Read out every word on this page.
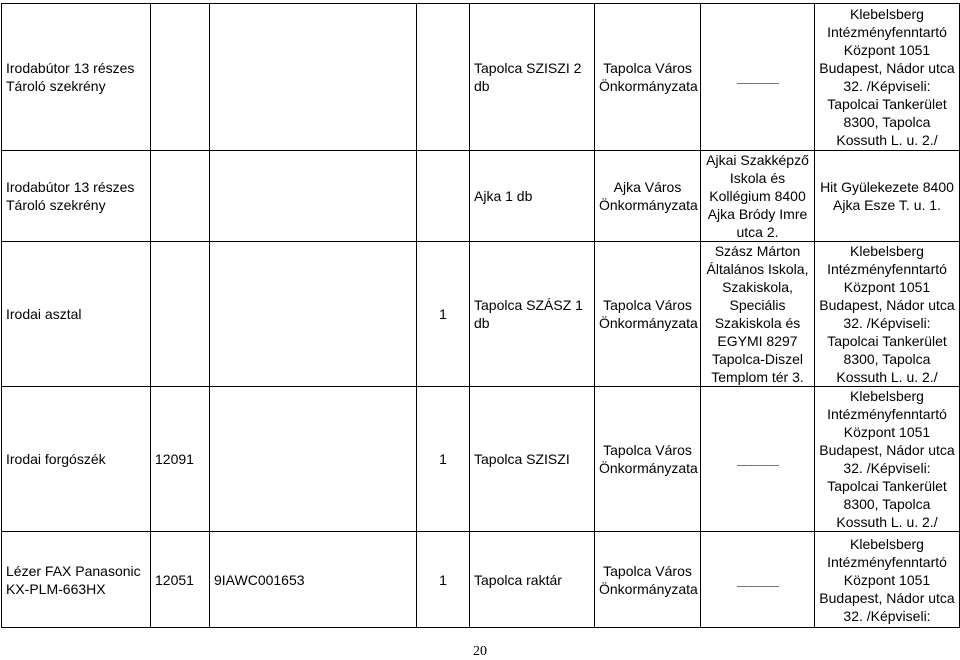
Irodabútor 13 részes Tároló szekrény				Tapolca SZISZI 2 db	Tapolca Város Önkormányzata	______	Klebelsberg Intézményfenntartó Központ 1051 Budapest, Nádor utca 32. /Képviseli: Tapolcai Tankerület 8300, Tapolca Kossuth L. u. 2./
Irodabútor 13 részes Tároló szekrény				Ajka 1 db	Ajka Város Önkormányzata	Ajkai Szakképző Iskola és Kollégium 8400 Ajka Bródy Imre utca 2.	Hit Gyülekezete 8400 Ajka Esze T. u. 1.
Irodai asztal			1	Tapolca SZÁSZ 1 db	Tapolca Város Önkormányzata	Szász Márton Általános Iskola, Szakiskola, Speciális Szakiskola és EGYMI 8297 Tapolca-Diszel Templom tér 3.	Klebelsberg Intézményfenntartó Központ 1051 Budapest, Nádor utca 32. /Képviseli: Tapolcai Tankerület 8300, Tapolca Kossuth L. u. 2./
Irodai forgószék	12091		1	Tapolca SZISZI	Tapolca Város Önkormányzata	______	Klebelsberg Intézményfenntartó Központ 1051 Budapest, Nádor utca 32. /Képviseli: Tapolcai Tankerület 8300, Tapolca Kossuth L. u. 2./
Lézer FAX Panasonic KX-PLM-663HX	12051	9IAWC001653	1	Tapolca raktár	Tapolca Város Önkormányzata	______	Klebelsberg Intézményfenntartó Központ 1051 Budapest, Nádor utca 32. /Képviseli:
20
